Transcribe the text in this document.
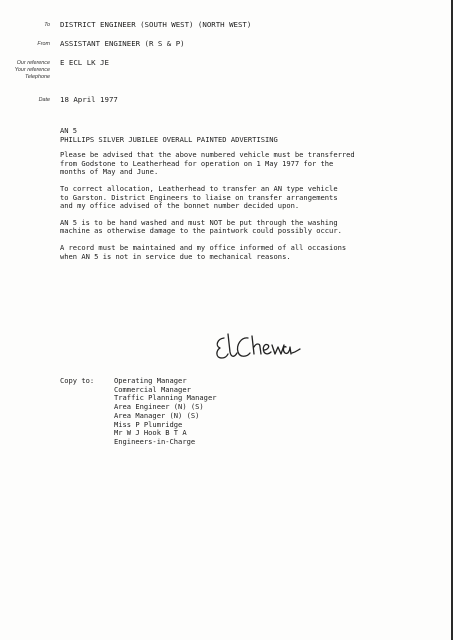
To DISTRICT ENGINEER (SOUTH WEST) (NORTH WEST)
From ASSISTANT ENGINEER (R S & P)
Our reference E ECL LK JE
Your reference
Telephone
Date 18 April 1977
AN 5
PHILLIPS SILVER JUBILEE OVERALL PAINTED ADVERTISING
Please be advised that the above numbered vehicle must be transferred
from Godstone to Leatherhead for operation on 1 May 1977 for the
months of May and June.
To correct allocation, Leatherhead to transfer an AN type vehicle
to Garston. District Engineers to liaise on transfer arrangements
and my office advised of the bonnet number decided upon.
AN 5 is to be hand washed and must NOT be put through the washing
machine as otherwise damage to the paintwork could possibly occur.
A record must be maintained and my office informed of all occasions
when AN 5 is not in service due to mechanical reasons.
Copy to:	Operating Manager
Commercial Manager
Traffic Planning Manager
Area Engineer (N) (S)
Area Manager (N) (S)
Miss P Plumridge
Mr W J Hook B T A
Engineers-in-Charge
